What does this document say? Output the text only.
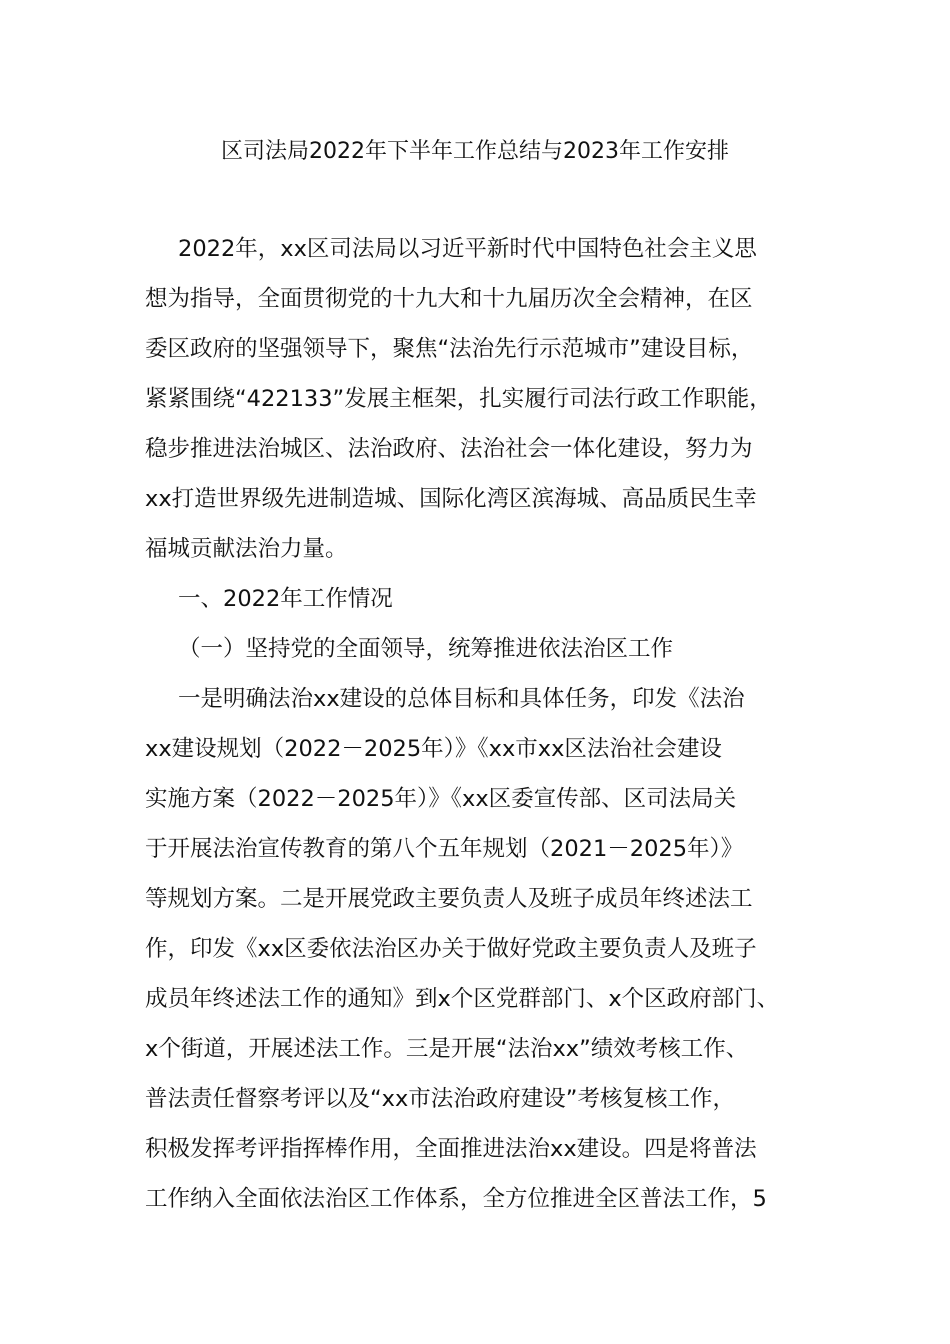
区司法局2022年下半年工作总结与2023年工作安排
2022年，xx区司法局以习近平新时代中国特色社会主义思
想为指导，全面贯彻党的十九大和十九届历次全会精神，在区
委区政府的坚强领导下，聚焦“法治先行示范城市”建设目标，
紧紧围绕“422133”发展主框架，扎实履行司法行政工作职能，
稳步推进法治城区、法治政府、法治社会一体化建设，努力为
xx打造世界级先进制造城、国际化湾区滨海城、高品质民生幸
福城贡献法治力量。
一、2022年工作情况
（一）坚持党的全面领导，统筹推进依法治区工作
一是明确法治xx建设的总体目标和具体任务，印发《法治
xx建设规划（2022－2025年）》《xx市xx区法治社会建设
实施方案（2022－2025年）》《xx区委宣传部、区司法局关
于开展法治宣传教育的第八个五年规划（2021－2025年）》
等规划方案。二是开展党政主要负责人及班子成员年终述法工
作，印发《xx区委依法治区办关于做好党政主要负责人及班子
成员年终述法工作的通知》到x个区党群部门、x个区政府部门、
x个街道，开展述法工作。三是开展“法治xx”绩效考核工作、
普法责任督察考评以及“xx市法治政府建设”考核复核工作，
积极发挥考评指挥棒作用，全面推进法治xx建设。四是将普法
工作纳入全面依法治区工作体系，全方位推进全区普法工作，5
